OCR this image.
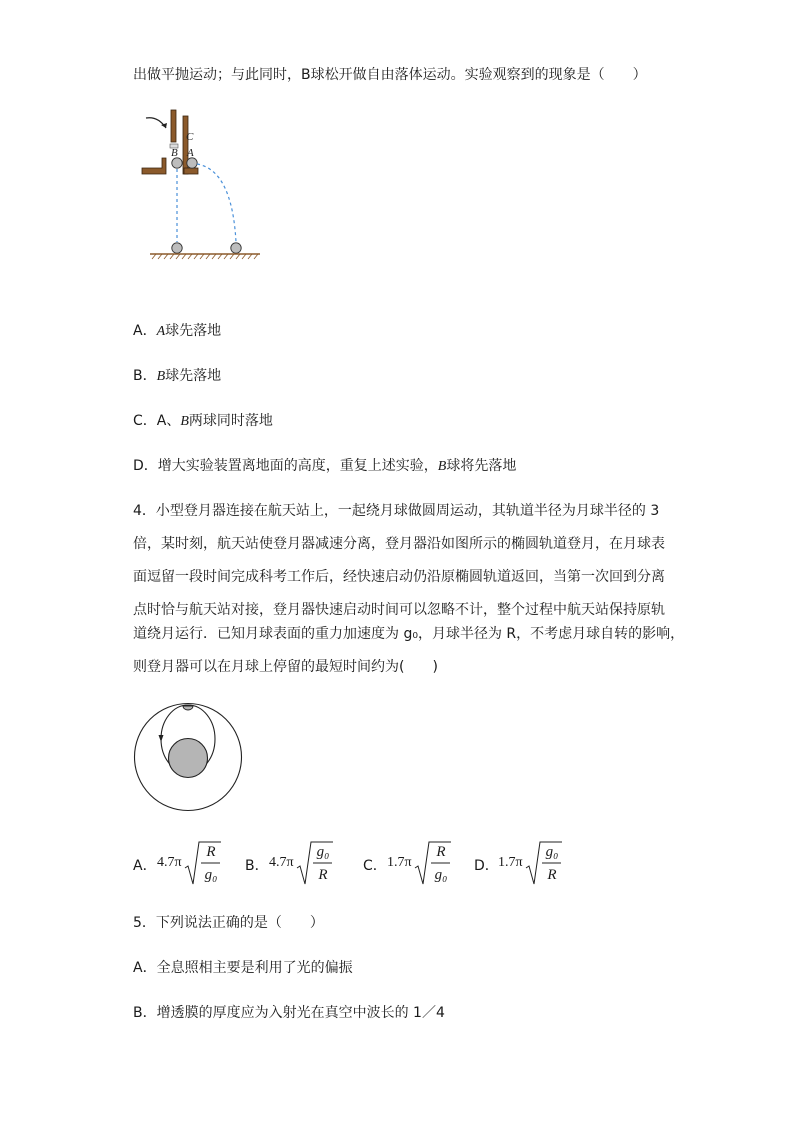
出做平抛运动；与此同时，B球松开做自由落体运动。实验观察到的现象是（　　）
C
B A
A．A球先落地
B．B球先落地
C．A、B两球同时落地
D．增大实验装置离地面的高度，重复上述实验，B球将先落地
4．小型登月器连接在航天站上，一起绕月球做圆周运动，其轨道半径为月球半径的 3
倍，某时刻，航天站使登月器减速分离，登月器沿如图所示的椭圆轨道登月，在月球表
面逗留一段时间完成科考工作后，经快速启动仍沿原椭圆轨道返回，当第一次回到分离
点时恰与航天站对接，登月器快速启动时间可以忽略不计，整个过程中航天站保持原轨
道绕月运行．已知月球表面的重力加速度为 g₀，月球半径为 R，不考虑月球自转的影响，
则登月器可以在月球上停留的最短时间约为(　　)
A． 4.7π
R
g₀
B． 4.7π
g₀
R
C． 1.7π
R
g₀
D． 1.7π
g₀
R
5．下列说法正确的是（　　）
A．全息照相主要是利用了光的偏振
B．增透膜的厚度应为入射光在真空中波长的 1／4
